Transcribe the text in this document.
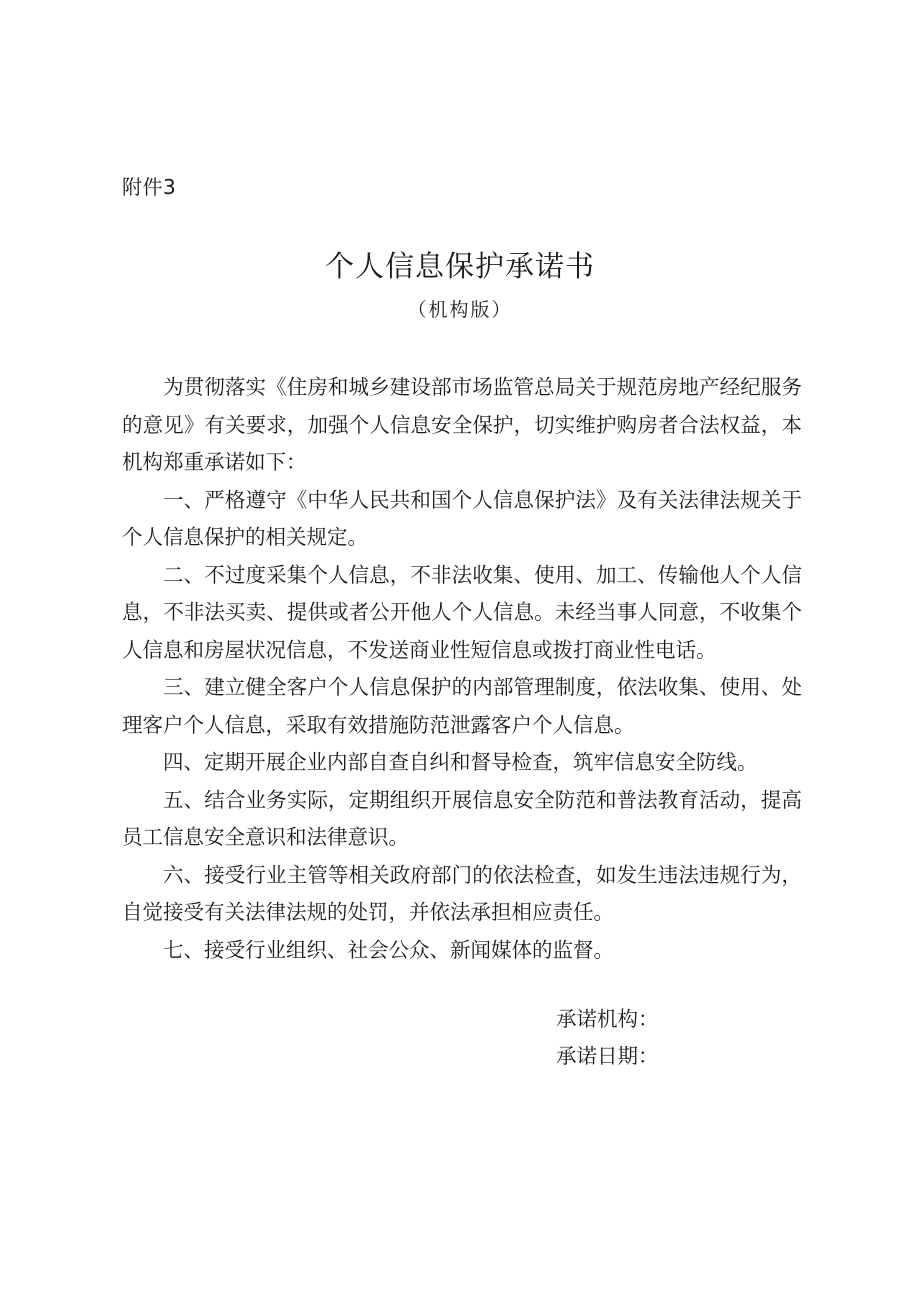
附件3
个人信息保护承诺书
（机构版）

为贯彻落实《住房和城乡建设部市场监管总局关于规范房地产经纪服务的意见》有关要求，加强个人信息安全保护，切实维护购房者合法权益，本机构郑重承诺如下：

一、严格遵守《中华人民共和国个人信息保护法》及有关法律法规关于个人信息保护的相关规定。

二、不过度采集个人信息，不非法收集、使用、加工、传输他人个人信息，不非法买卖、提供或者公开他人个人信息。未经当事人同意，不收集个人信息和房屋状况信息，不发送商业性短信息或拨打商业性电话。

三、建立健全客户个人信息保护的内部管理制度，依法收集、使用、处理客户个人信息，采取有效措施防范泄露客户个人信息。

四、定期开展企业内部自查自纠和督导检查，筑牢信息安全防线。

五、结合业务实际，定期组织开展信息安全防范和普法教育活动，提高员工信息安全意识和法律意识。

六、接受行业主管等相关政府部门的依法检查，如发生违法违规行为，自觉接受有关法律法规的处罚，并依法承担相应责任。

七、接受行业组织、社会公众、新闻媒体的监督。

承诺机构：
承诺日期：
